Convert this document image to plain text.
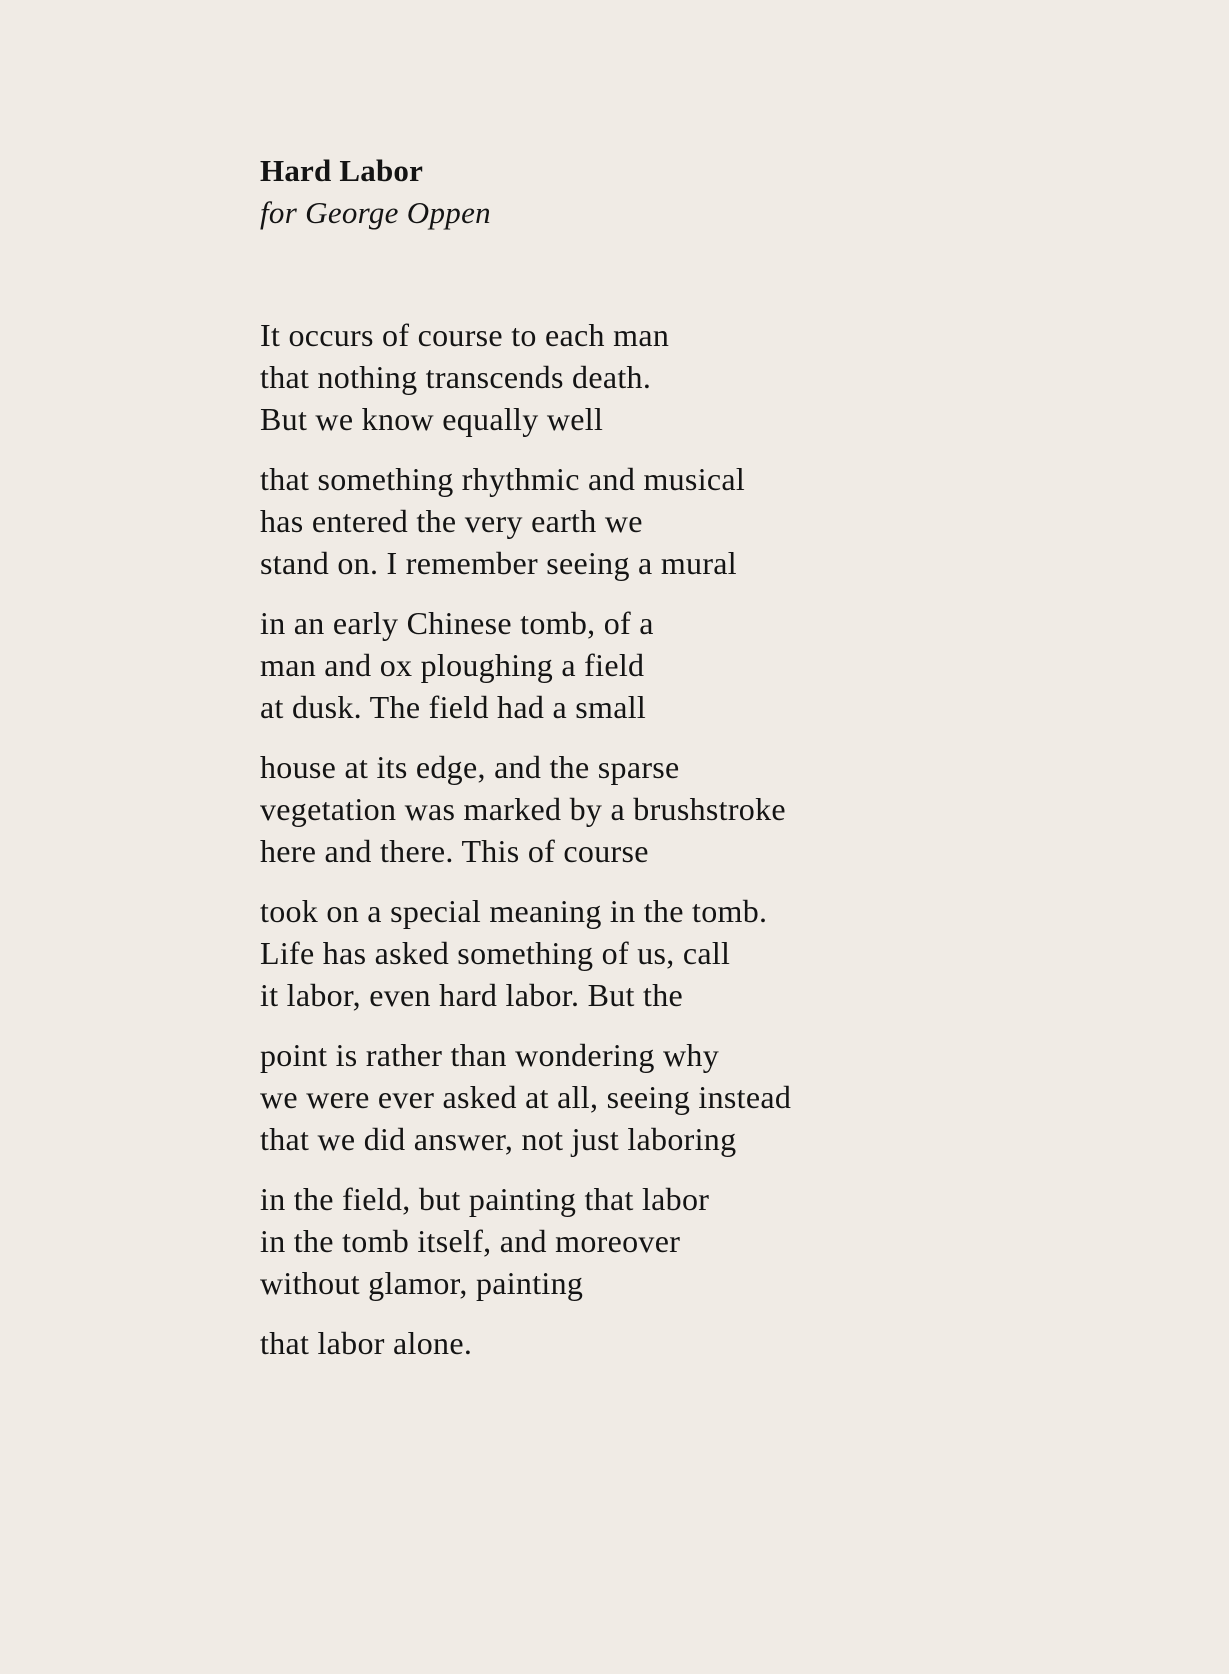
Hard Labor

for George Oppen

It occurs of course to each man
that nothing transcends death.
But we know equally well
that something rhythmic and musical
has entered the very earth we
stand on. I remember seeing a mural
in an early Chinese tomb, of a
man and ox ploughing a field
at dusk. The field had a small
house at its edge, and the sparse
vegetation was marked by a brushstroke
here and there. This of course
took on a special meaning in the tomb.
Life has asked something of us, call
it labor, even hard labor. But the
point is rather than wondering why
we were ever asked at all, seeing instead
that we did answer, not just laboring
in the field, but painting that labor
in the tomb itself, and moreover
without glamor, painting
that labor alone.
